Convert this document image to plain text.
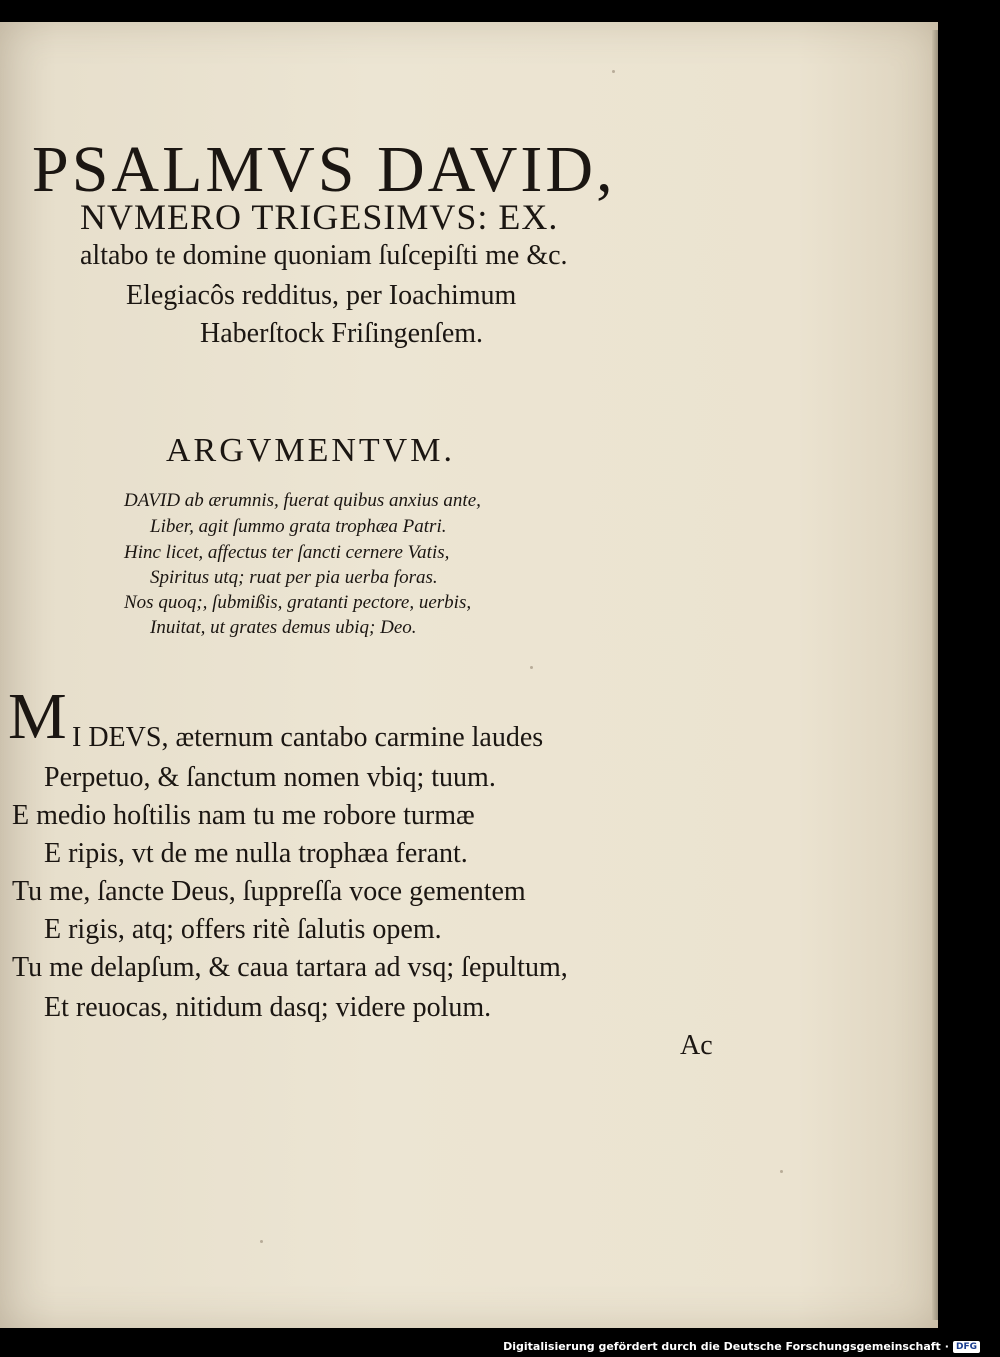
PSALMVS DAVID,
NVMERO TRIGESIMVS: EX.
altabo te domine quoniam ſuſcepiſti me &c.
Elegiacôs redditus, per Ioachimum
Haberſtock Friſingenſem.
ARGVMENTVM.
DAVID ab ærumnis, fuerat quibus anxius ante,
Liber, agit ſummo grata trophæa Patri.
Hinc licet, affectus ter ſancti cernere Vatis,
Spiritus utq; ruat per pia uerba foras.
Nos quoq;, ſubmißis, gratanti pectore, uerbis,
Inuitat, ut grates demus ubiq; Deo.
M I DEVS, æternum cantabo carmine laudes
Perpetuo, & ſanctum nomen vbiq; tuum.
E medio hoſtilis nam tu me robore turmæ
E ripis, vt de me nulla trophæa ferant.
Tu me, ſancte Deus, ſuppreſſa voce gementem
E rigis, atq; offers ritè ſalutis opem.
Tu me delapſum, & caua tartara ad vsq; ſepultum,
Et reuocas, nitidum dasq; videre polum.
Ac
Digitalisierung gefördert durch die Deutsche Forschungsgemeinschaft · DFG
